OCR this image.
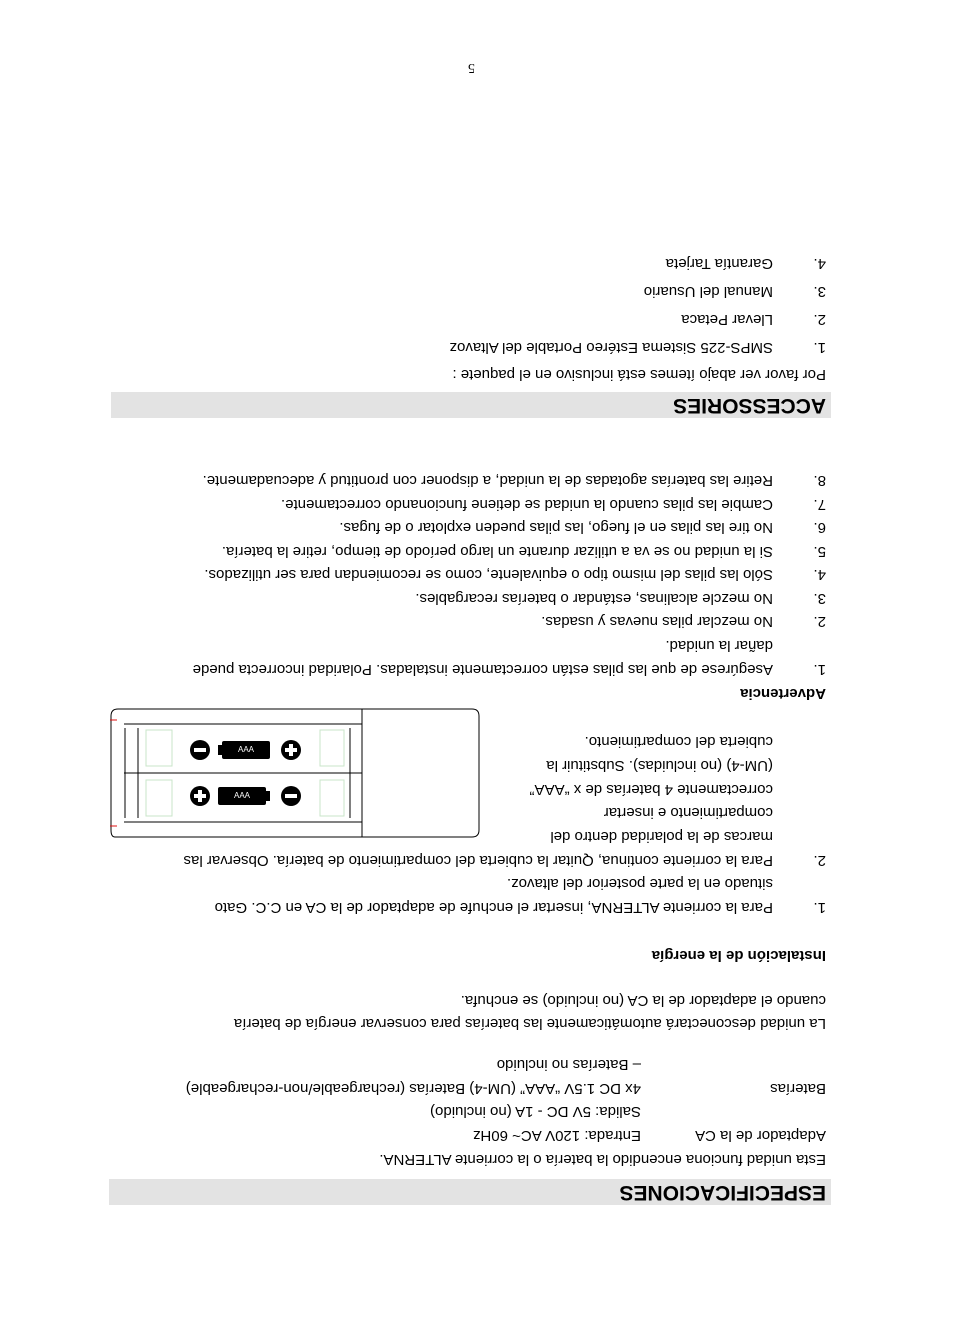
ESPECIFICACIONES
Esta unidad funciona encendido la batería o la corriente ALTERNA.
Adaptador de la CA
Entrada: 120V AC~ 60Hz
Salida: 5V DC - 1A (no incluido)
Baterías
4x DC 1.5V “AAA” (UM-4) Baterías (rechargeable/non-rechargeable)
– Baterías no incluido
La unidad desconectará automáticamente las baterías para conservar energía de batería
cuando el adaptador de la CA (no incluido) se enchufa.
Instalación de la energía
1.
Para la corriente ALTERNA, insertar el enchufe de adaptador de la CA en C.C. Gato
situado en la parte posterior del altavoz.
2.
Para la corriente continua, Quitar la cubierta del compartimiento de batería. Observar las
marcas de la polaridad dentro del
compartimiento e insertar
correctamente 4 baterías de x “AAA”
(UM-4) (no incluidas). Substituir la
cubierta del compartimiento.
AAA
AAA
Advertencia
1.
Asegúrese de que las pilas están correctamente instaladas. Polaridad incorrecta puede
dañar la unidad.
2.
No mezclar pilas nuevas y usadas.
3.
No mezcle alcalinas, estándar o baterías recargables.
4.
Sólo las pilas del mismo tipo o equivalente, como se recomiendan para ser utilizados.
5.
Si la unidad no se va a utilizar durante un largo período de tiempo, retire la batería.
6.
No tire las pilas en el fuego, las pilas pueden explotar o de fugas.
7.
Cambie las pilas cuando la unidad se detiene funcionando correctamente.
8.
Retire las baterías agotadas de la unidad, a disponer con prontitud y adecuadamente.
ACCESSORIES
Por favor ver abajo ítemes está inclusivo en el paquete :
1.
SMPS-225 Sistema Estéreo Portable del Altavoz
2.
Llevar Petaca
3.
Manual del Usuario
4.
Garantía Tarjeta
5
